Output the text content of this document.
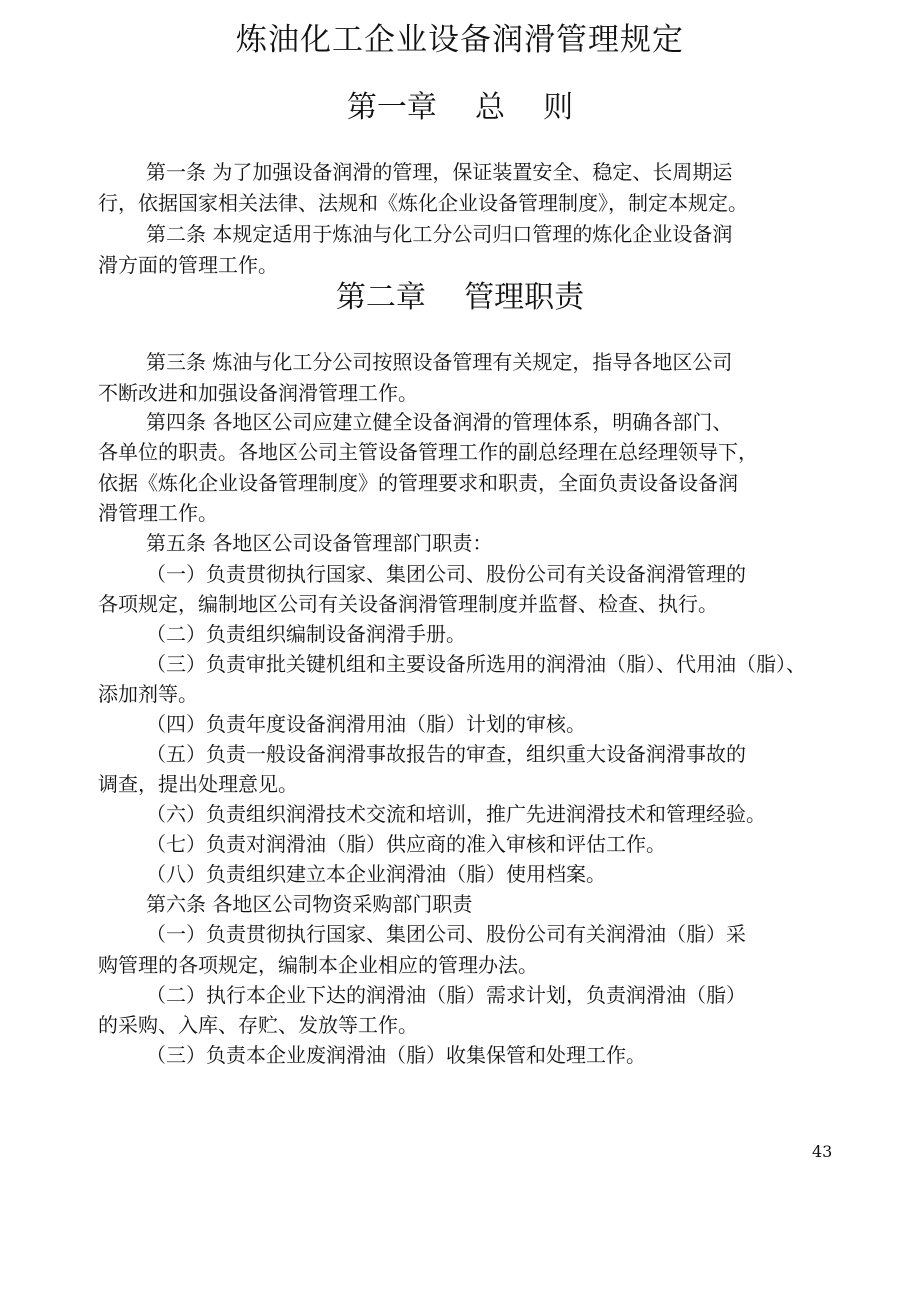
炼油化工企业设备润滑管理规定
第一章    总    则
第一条 为了加强设备润滑的管理，保证装置安全、稳定、长周期运
行，依据国家相关法律、法规和《炼化企业设备管理制度》，制定本规定。
第二条 本规定适用于炼油与化工分公司归口管理的炼化企业设备润
滑方面的管理工作。
第二章    管理职责
第三条 炼油与化工分公司按照设备管理有关规定，指导各地区公司
不断改进和加强设备润滑管理工作。
第四条 各地区公司应建立健全设备润滑的管理体系，明确各部门、
各单位的职责。各地区公司主管设备管理工作的副总经理在总经理领导下，
依据《炼化企业设备管理制度》的管理要求和职责，全面负责设备设备润
滑管理工作。
第五条 各地区公司设备管理部门职责：
（一）负责贯彻执行国家、集团公司、股份公司有关设备润滑管理的
各项规定，编制地区公司有关设备润滑管理制度并监督、检查、执行。
（二）负责组织编制设备润滑手册。
（三）负责审批关键机组和主要设备所选用的润滑油（脂）、代用油（脂）、
添加剂等。
（四）负责年度设备润滑用油（脂）计划的审核。
（五）负责一般设备润滑事故报告的审查，组织重大设备润滑事故的
调查，提出处理意见。
（六）负责组织润滑技术交流和培训，推广先进润滑技术和管理经验。
（七）负责对润滑油（脂）供应商的准入审核和评估工作。
（八）负责组织建立本企业润滑油（脂）使用档案。
第六条 各地区公司物资采购部门职责
（一）负责贯彻执行国家、集团公司、股份公司有关润滑油（脂）采
购管理的各项规定，编制本企业相应的管理办法。
（二）执行本企业下达的润滑油（脂）需求计划，负责润滑油（脂）
的采购、入库、存贮、发放等工作。
（三）负责本企业废润滑油（脂）收集保管和处理工作。
43
